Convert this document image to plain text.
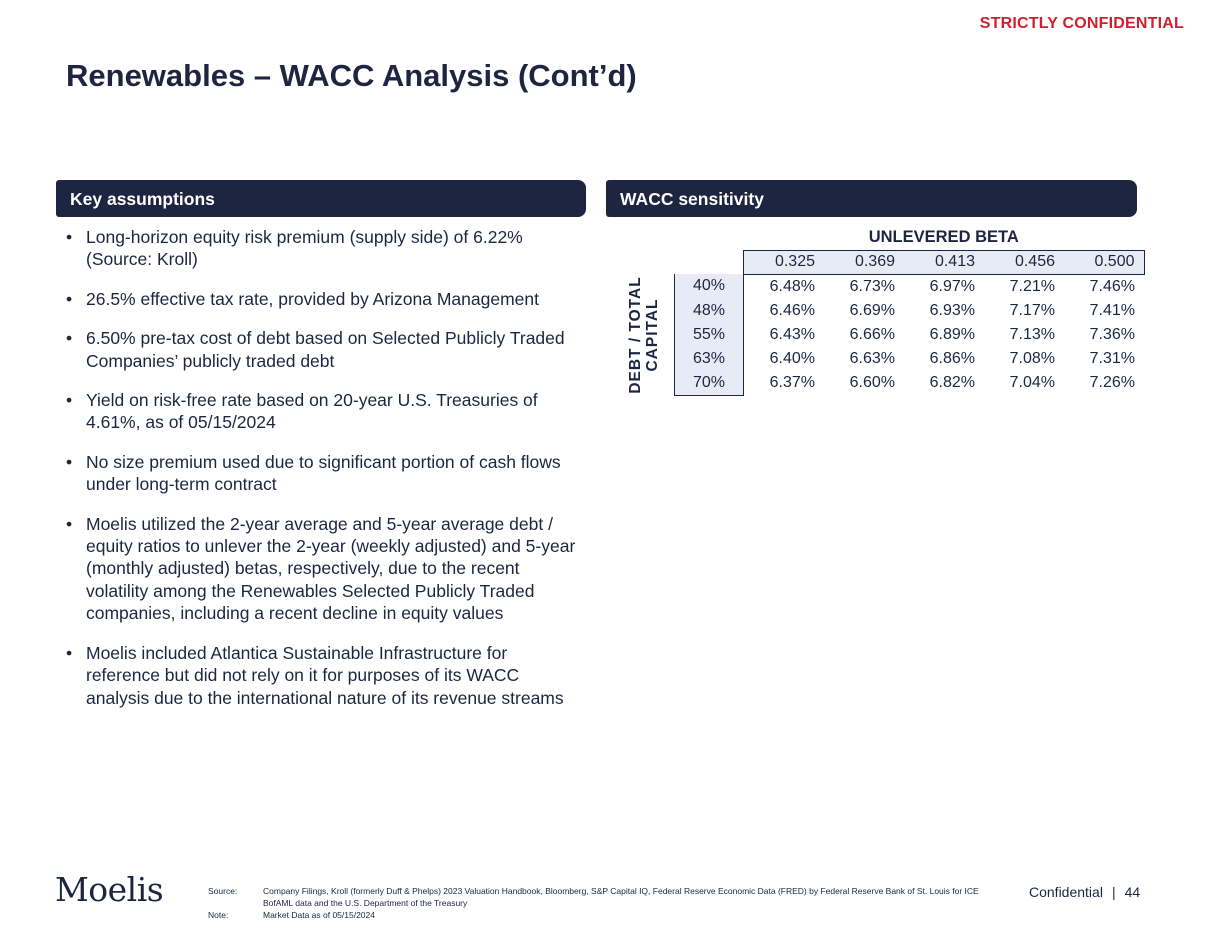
STRICTLY CONFIDENTIAL
Renewables – WACC Analysis (Cont’d)
Key assumptions	WACC sensitivity
• Long-horizon equity risk premium (supply side) of 6.22% (Source: Kroll)
• 26.5% effective tax rate, provided by Arizona Management
• 6.50% pre-tax cost of debt based on Selected Publicly Traded Companies’ publicly traded debt
• Yield on risk-free rate based on 20-year U.S. Treasuries of 4.61%, as of 05/15/2024
• No size premium used due to significant portion of cash flows under long-term contract
• Moelis utilized the 2-year average and 5-year average debt / equity ratios to unlever the 2-year (weekly adjusted) and 5-year (monthly adjusted) betas, respectively, due to the recent volatility among the Renewables Selected Publicly Traded companies, including a recent decline in equity values
• Moelis included Atlantica Sustainable Infrastructure for reference but did not rely on it for purposes of its WACC analysis due to the international nature of its revenue streams
		UNLEVERED BETA				
		0.325	0.369	0.413	0.456	0.500

DEBT / TOTAL CAPITAL	40%	6.48%	6.73%	6.97%	7.21%	7.46%
	48%	6.46%	6.69%	6.93%	7.17%	7.41%
	55%	6.43%	6.66%	6.89%	7.13%	7.36%
	63%	6.40%	6.63%	6.86%	7.08%	7.31%
	70%	6.37%	6.60%	6.82%	7.04%	7.26%
Moelis	Source:	Company Filings, Kroll (formerly Duff & Phelps) 2023 Valuation Handbook, Bloomberg, S&P Capital IQ, Federal Reserve Economic Data (FRED) by Federal Reserve Bank of St. Louis for ICE BofAML data and the U.S. Department of the Treasury
Note:	Market Data as of 05/15/2024
Confidential | 44
